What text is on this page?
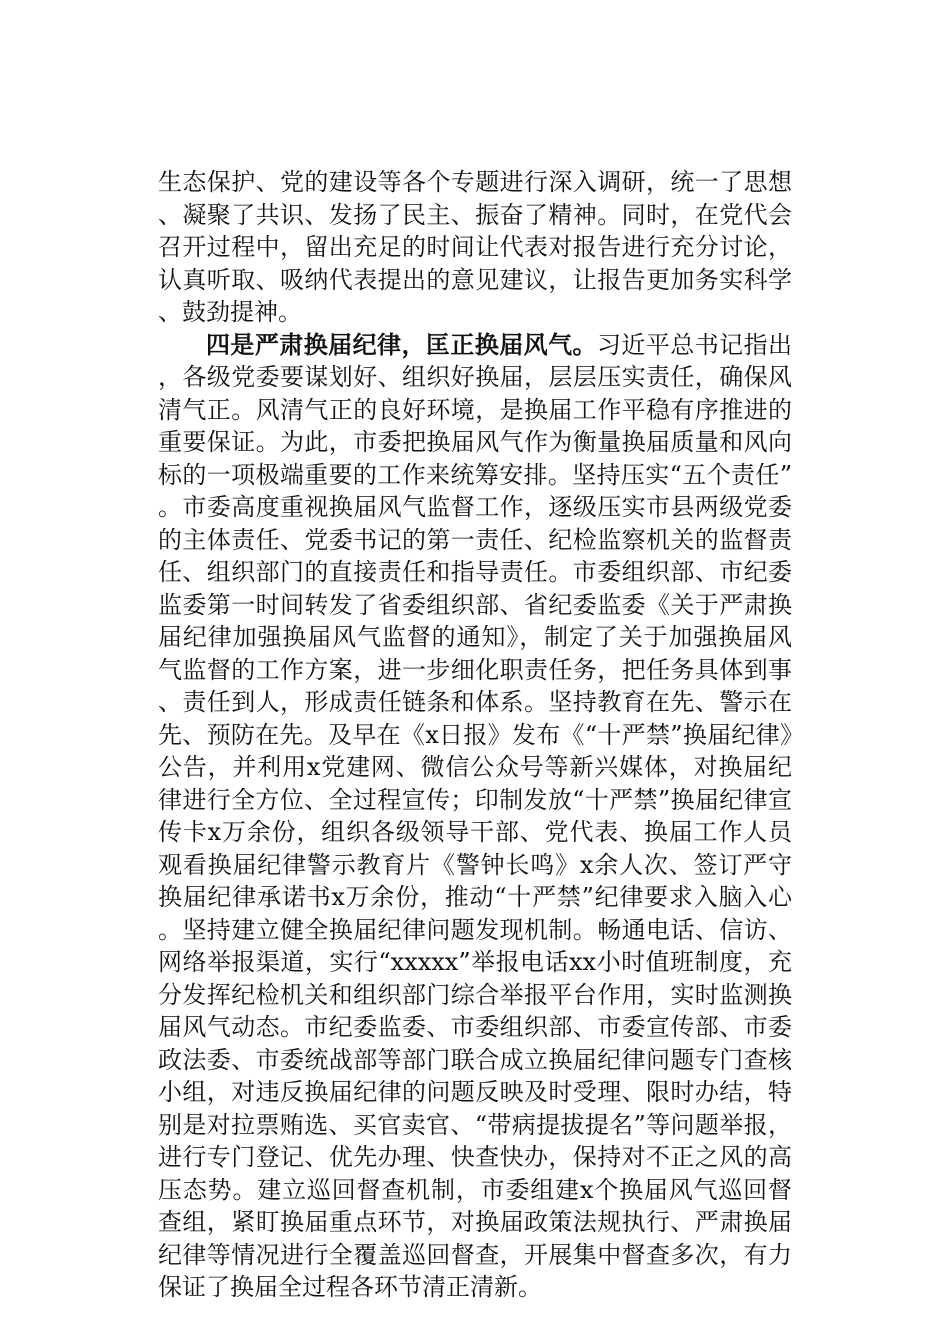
生态保护、党的建设等各个专题进行深入调研，统一了思想、凝聚了共识、发扬了民主、振奋了精神。同时，在党代会召开过程中，留出充足的时间让代表对报告进行充分讨论，认真听取、吸纳代表提出的意见建议，让报告更加务实科学、鼓劲提神。

四是严肃换届纪律，匡正换届风气。习近平总书记指出，各级党委要谋划好、组织好换届，层层压实责任，确保风清气正。风清气正的良好环境，是换届工作平稳有序推进的重要保证。为此，市委把换届风气作为衡量换届质量和风向标的一项极端重要的工作来统筹安排。坚持压实“五个责任”。市委高度重视换届风气监督工作，逐级压实市县两级党委的主体责任、党委书记的第一责任、纪检监察机关的监督责任、组织部门的直接责任和指导责任。市委组织部、市纪委监委第一时间转发了省委组织部、省纪委监委《关于严肃换届纪律加强换届风气监督的通知》，制定了关于加强换届风气监督的工作方案，进一步细化职责任务，把任务具体到事、责任到人，形成责任链条和体系。坚持教育在先、警示在先、预防在先。及早在《x日报》发布《“十严禁”换届纪律》公告，并利用x党建网、微信公众号等新兴媒体，对换届纪律进行全方位、全过程宣传；印制发放“十严禁”换届纪律宣传卡x万余份，组织各级领导干部、党代表、换届工作人员观看换届纪律警示教育片《警钟长鸣》x余人次、签订严守换届纪律承诺书x万余份，推动“十严禁”纪律要求入脑入心。坚持建立健全换届纪律问题发现机制。畅通电话、信访、网络举报渠道，实行“xxxxx”举报电话xx小时值班制度，充分发挥纪检机关和组织部门综合举报平台作用，实时监测换届风气动态。市纪委监委、市委组织部、市委宣传部、市委政法委、市委统战部等部门联合成立换届纪律问题专门查核小组，对违反换届纪律的问题反映及时受理、限时办结，特别是对拉票贿选、买官卖官、“带病提拔提名”等问题举报，进行专门登记、优先办理、快查快办，保持对不正之风的高压态势。建立巡回督查机制，市委组建x个换届风气巡回督查组，紧盯换届重点环节，对换届政策法规执行、严肃换届纪律等情况进行全覆盖巡回督查，开展集中督查多次，有力保证了换届全过程各环节清正清新。
